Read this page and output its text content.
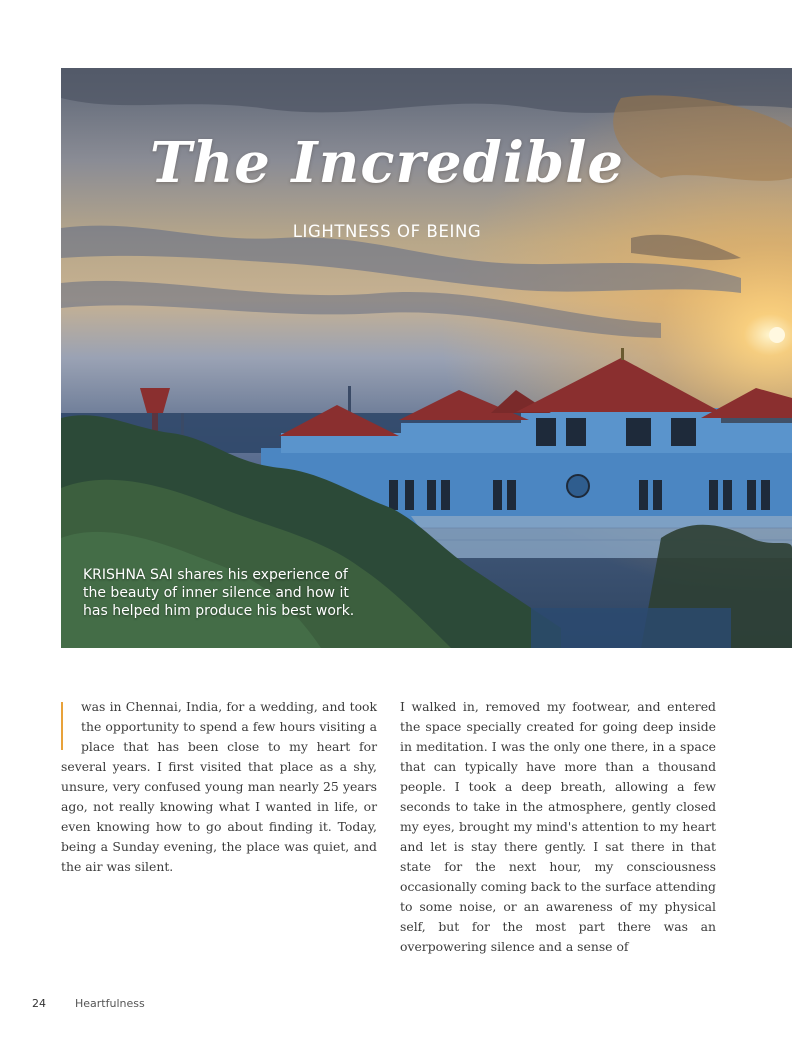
The Incredible

LIGHTNESS OF BEING

KRISHNA SAI shares his experience of the beauty of inner silence and how it has helped him produce his best work.

was in Chennai, India, for a wedding, and took the opportunity to spend a few hours visiting a place that has been close to my heart for several years. I first visited that place as a shy, unsure, very confused young man nearly 25 years ago, not really knowing what I wanted in life, or even knowing how to go about finding it. Today, being a Sunday evening, the place was quiet, and the air was silent.
I walked in, removed my footwear, and entered the space specially created for going deep inside in meditation. I was the only one there, in a space that can typically have more than a thousand people. I took a deep breath, allowing a few seconds to take in the atmosphere, gently closed my eyes, brought my mind's attention to my heart and let is stay there gently. I sat there in that state for the next hour, my consciousness occasionally coming back to the surface attending to some noise, or an awareness of my physical self, but for the most part there was an overpowering silence and a sense of
24	Heartfulness
